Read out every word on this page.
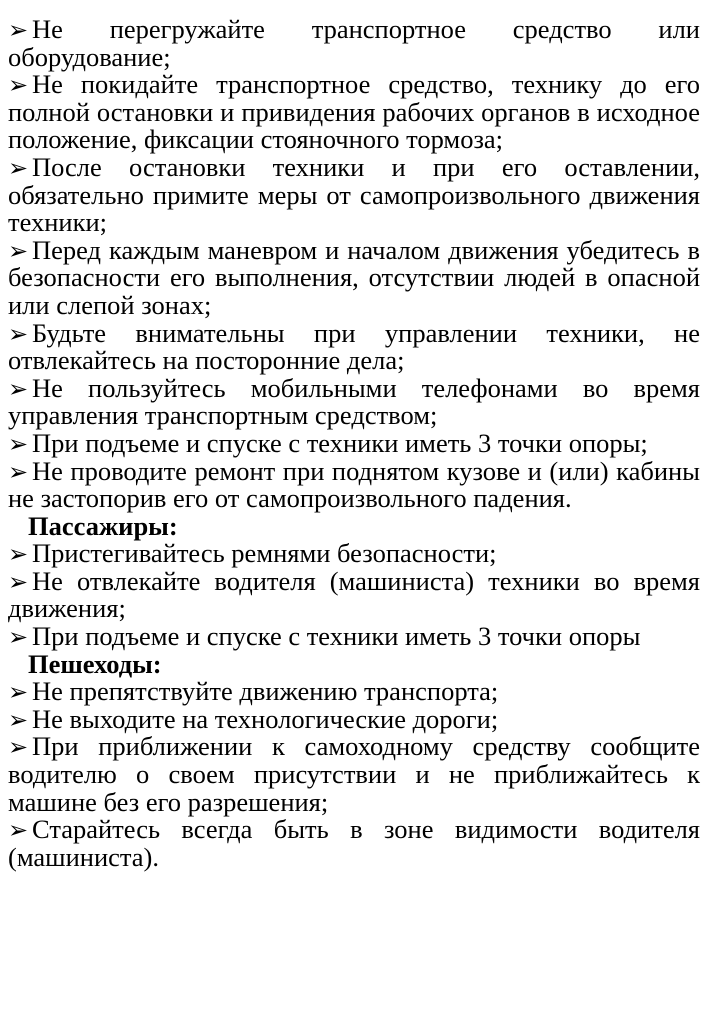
➢ Не перегружайте транспортное средство или оборудование;

➢ Не покидайте транспортное средство, технику до его полной остановки и привидения рабочих органов в исходное положение, фиксации стояночного тормоза;

➢ После остановки техники и при его оставлении, обязательно примите меры от самопроизвольного движения техники;

➢ Перед каждым маневром и началом движения убедитесь в безопасности его выполнения, отсутствии людей в опасной или слепой зонах;

➢ Будьте внимательны при управлении техники, не отвлекайтесь на посторонние дела;

➢ Не пользуйтесь мобильными телефонами во время управления транспортным средством;

➢ При подъеме и спуске с техники иметь 3 точки опоры;

➢ Не проводите ремонт при поднятом кузове и (или) кабины не застопорив его от самопроизвольного падения.

Пассажиры:

➢ Пристегивайтесь ремнями безопасности;

➢ Не отвлекайте водителя (машиниста) техники во время движения;

➢ При подъеме и спуске с техники иметь 3 точки опоры

Пешеходы:

➢ Не препятствуйте движению транспорта;

➢ Не выходите на технологические дороги;

➢ При приближении к самоходному средству сообщите водителю о своем присутствии и не приближайтесь к машине без его разрешения;

➢ Старайтесь всегда быть в зоне видимости водителя (машиниста).
